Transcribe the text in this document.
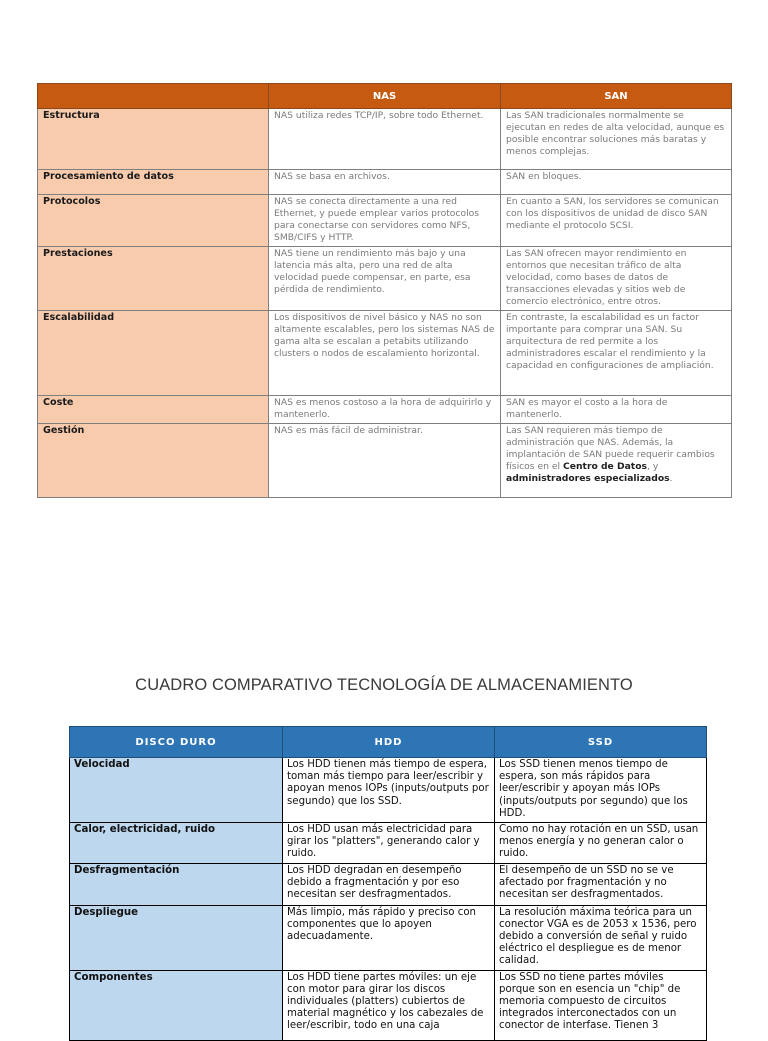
	NAS	SAN
Estructura	NAS utiliza redes TCP/IP, sobre todo Ethernet.	Las SAN tradicionales normalmente se ejecutan en redes de alta velocidad, aunque es posible encontrar soluciones más baratas y menos complejas.
Procesamiento de datos	NAS se basa en archivos.	SAN en bloques.
Protocolos	NAS se conecta directamente a una red Ethernet, y puede emplear varios protocolos para conectarse con servidores como NFS, SMB/CIFS y HTTP.	En cuanto a SAN, los servidores se comunican con los dispositivos de unidad de disco SAN mediante el protocolo SCSI.
Prestaciones	NAS tiene un rendimiento más bajo y una latencia más alta, pero una red de alta velocidad puede compensar, en parte, esa pérdida de rendimiento.	Las SAN ofrecen mayor rendimiento en entornos que necesitan tráfico de alta velocidad, como bases de datos de transacciones elevadas y sitios web de comercio electrónico, entre otros.
Escalabilidad	Los dispositivos de nivel básico y NAS no son altamente escalables, pero los sistemas NAS de gama alta se escalan a petabits utilizando clusters o nodos de escalamiento horizontal.	En contraste, la escalabilidad es un factor importante para comprar una SAN. Su arquitectura de red permite a los administradores escalar el rendimiento y la capacidad en configuraciones de ampliación.
Coste	NAS es menos costoso a la hora de adquirirlo y mantenerlo.	SAN es mayor el costo a la hora de mantenerlo.
Gestión	NAS es más fácil de administrar.	Las SAN requieren más tiempo de administración que NAS. Además, la implantación de SAN puede requerir cambios físicos en el Centro de Datos, y administradores especializados.
CUADRO COMPARATIVO TECNOLOGÍA DE ALMACENAMIENTO
DISCO DURO	HDD	SSD
Velocidad	Los HDD tienen más tiempo de espera, toman más tiempo para leer/escribir y apoyan menos IOPs (inputs/outputs por segundo) que los SSD.	Los SSD tienen menos tiempo de espera, son más rápidos para leer/escribir y apoyan más IOPs (inputs/outputs por segundo) que los HDD.
Calor, electricidad, ruido	Los HDD usan más electricidad para girar los "platters", generando calor y ruido.	Como no hay rotación en un SSD, usan menos energía y no generan calor o ruido.
Desfragmentación	Los HDD degradan en desempeño debido a fragmentación y por eso necesitan ser desfragmentados.	El desempeño de un SSD no se ve afectado por fragmentación y no necesitan ser desfragmentados.
Despliegue	Más limpio, más rápido y preciso con componentes que lo apoyen adecuadamente.	La resolución máxima teórica para un conector VGA es de 2053 x 1536, pero debido a conversión de señal y ruido eléctrico el despliegue es de menor calidad.
Componentes	Los HDD tiene partes móviles: un eje con motor para girar los discos individuales (platters) cubiertos de material magnético y los cabezales de leer/escribir, todo en una caja	Los SSD no tiene partes móviles porque son en esencia un "chip" de memoria compuesto de circuitos integrados interconectados con un conector de interfase. Tienen 3
